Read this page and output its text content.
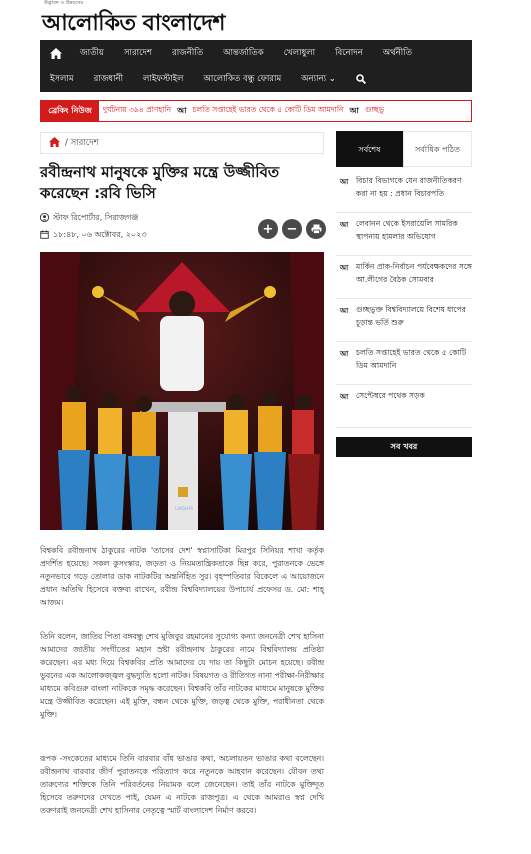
উদ্ভাবন ও উন্নয়নের
আলোকিত বাংলাদেশ
জাতীয়	সারাদেশ	রাজনীতি	আন্তর্জাতিক	খেলাধুলা	বিনোদন	অর্থনীতি
ইসলাম	রাজধানী	লাইফস্টাইল	আলোকিত বন্ধু ফোরাম	অন্যান্য ⌄
ব্রেকিং নিউজ	দুর্ঘটনায় ৩৯৪ প্রাণহানি আ চলতি সপ্তাহেই ভারত থেকে ৫ কোটি ডিম আমদানি আ গুচ্ছভু
/ সারাদেশ
রবীন্দ্রনাথ মানুষকে মুক্তির মন্ত্রে উজ্জীবিত করেছেন :রবি ভিসি
স্টাফ রিপোর্টার, সিরাজগঞ্জ
১৮:৪৮, ০৬ অক্টোবর, ২০২৩	+	−
LAKSHYA

বিশ্বকবি রবীন্দ্রনাথ ঠাকুরের নাটক 'তাসের দেশ' স্বপ্নাসাটিকা মিরপুর সিনিয়র শাখা কর্তৃক প্রদর্শিত হয়েছে। সকল কুসংস্কার, জড়তা ও নিয়মতান্ত্রিকতাকে ছিন্ন করে, পুরাতনকে ভেঙ্গে নতুনভাবে গড়ে তোলার ডাক নাটকটির অন্তর্নিহিত সুর। বৃহস্পতিবার বিকেলে এ আয়োজনে প্রধান অতিথি হিসেবে বক্তব্য রাখেন, রবীন্দ্র বিশ্ববিদ্যালয়ের উপাচার্য প্রফেসর ড. মো: শাহ্ আজম।

তিনি বলেন, জাতির পিতা বঙ্গবন্ধু শেখ মুজিবুর রহমানের সুযোগ্য কন্যা জননেত্রী শেখ হাসিনা আমাদের জাতীয় সংগীতের মহান স্রষ্টা রবীন্দ্রনাথ ঠাকুরের নামে বিশ্ববিদ্যালয় প্রতিষ্ঠা করেছেন। এর মধ্য দিয়ে বিশ্বকবির প্রতি আমাদের যে দায় তা কিছুটা মোচন হয়েছে। রবীন্দ্র ভুবনের এক আলোকজ্জ্বল বুদ্ধদ্যুতি হলো নাটক। বিষয়গত ও রীতিগত নানা পরীক্ষা-নিরীক্ষার মাধ্যমে কবিগুরু বাংলা নাটককে সমৃদ্ধ করেছেন। বিশ্বকবি তাঁর নাটকের মাধ্যমে মানুষকে মুক্তির মন্ত্রে উজ্জীবিত করেছেন। এই মুক্তি, বন্ধন থেকে মুক্তি, জড়ত্ব থেকে মুক্তি, পরাধীনতা থেকে মুক্তি।

রূপক -সংকেতের মাধ্যমে তিনি বারবার বাঁধ ভাঙার কথা, অচলায়তন ভাঙার কথা বলেছেন। রবীন্দ্রনাথ বারবার জীর্ণ পুরাতনকে পরিত্যাগ করে নতুনকে আহবান করেছেন। যৌবন তথা তারুণ্যের শক্তিকে তিনি পরিবর্তনের নিয়ামক বলে জেনেছেন। তাই তাঁর নাটকে মুক্তিদূত হিসেবে তরুণদের দেখতে পাই, যেমন এ নাটকে রাজপুত্র। এ থেকে আমরাও স্বপ্ন দেখি তরুণরাই জননেত্রী শেখ হাসিনার নেতৃত্বে স্মার্ট বাংলাদেশ নির্মাণ করবে।

সর্বশেষ	সর্বাধিক পঠিত
আ	বিচার বিভাগকে যেন রাজনীতিকরণ করা না হয় : প্রধান বিচারপতি
আ	লেবানন থেকে ইসরায়েলি সামরিক স্থাপনায় হামলার অভিযোগ
আ	মার্কিন প্রাক-নির্বাচন পর্যবেক্ষকদের সঙ্গে আ.লীগের বৈঠক সোমবার
আ	গুচ্ছভুক্ত বিশ্ববিদ্যালয়ে বিশেষ ধাপের চূড়ান্ত ভর্তি শুরু
আ	চলতি সপ্তাহেই ভারত থেকে ৫ কোটি ডিম আমদানি
আ	সেপ্টেম্বরে পথেক সড়ক
সব খবর
